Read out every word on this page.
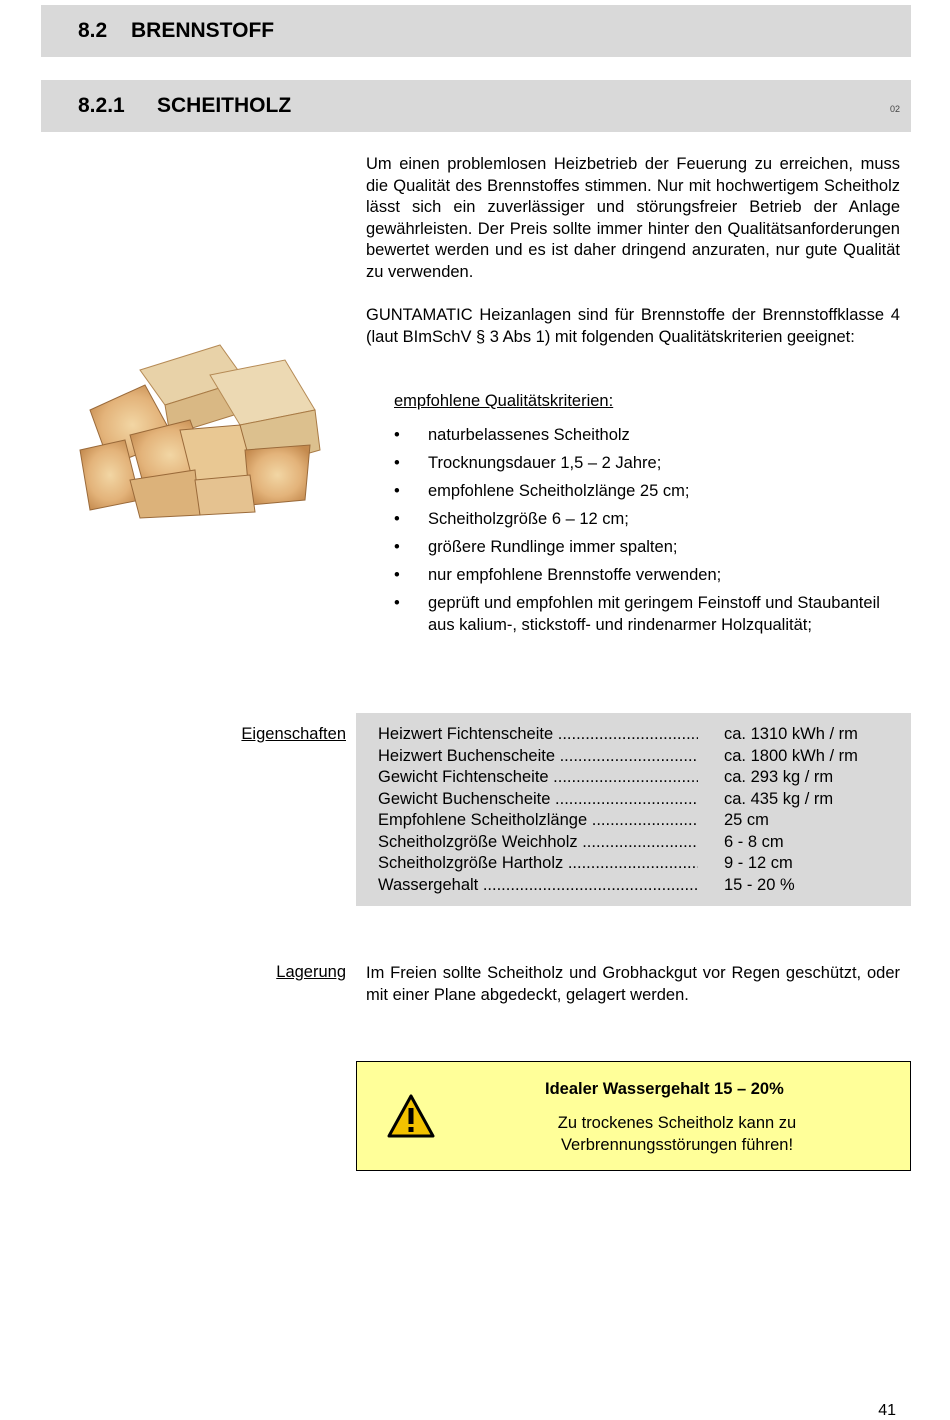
8.2 BRENNSTOFF
8.2.1 SCHEITHOLZ	02
Um einen problemlosen Heizbetrieb der Feuerung zu erreichen, muss die Qualität des Brennstoffes stimmen. Nur mit hochwertigem Scheitholz lässt sich ein zuverlässiger und störungsfreier Betrieb der Anlage gewährleisten. Der Preis sollte immer hinter den Qualitätsanforderungen bewertet werden und es ist daher dringend anzuraten, nur gute Qualität zu verwenden.
GUNTAMATIC Heizanlagen sind für Brennstoffe der Brennstoffklasse 4 (laut BImSchV § 3 Abs 1) mit folgenden Qualitätskriterien geeignet:
empfohlene Qualitätskriterien:
• naturbelassenes Scheitholz
• Trocknungsdauer 1,5 – 2 Jahre;
• empfohlene Scheitholzlänge 25 cm;
• Scheitholzgröße 6 – 12 cm;
• größere Rundlinge immer spalten;
• nur empfohlene Brennstoffe verwenden;
• geprüft und empfohlen mit geringem Feinstoff und Staubanteil aus kalium-, stickstoff- und rindenarmer Holzqualität;
Eigenschaften Heizwert Fichtenscheite .....	ca. 1310 kWh / rm
Heizwert Buchenscheite .....	ca. 1800 kWh / rm
Gewicht Fichtenscheite .....	ca. 293 kg / rm
Gewicht Buchenscheite .....	ca. 435 kg / rm
Empfohlene Scheitholzlänge .....	25 cm
Scheitholzgröße Weichholz .....	6 - 8 cm
Scheitholzgröße Hartholz .....	9 - 12 cm
Wassergehalt .....	15 - 20 %
Lagerung Im Freien sollte Scheitholz und Grobhackgut vor Regen geschützt, oder mit einer Plane abgedeckt, gelagert werden.
Idealer Wassergehalt 15 – 20%
Zu trockenes Scheitholz kann zu Verbrennungsstörungen führen!
41
